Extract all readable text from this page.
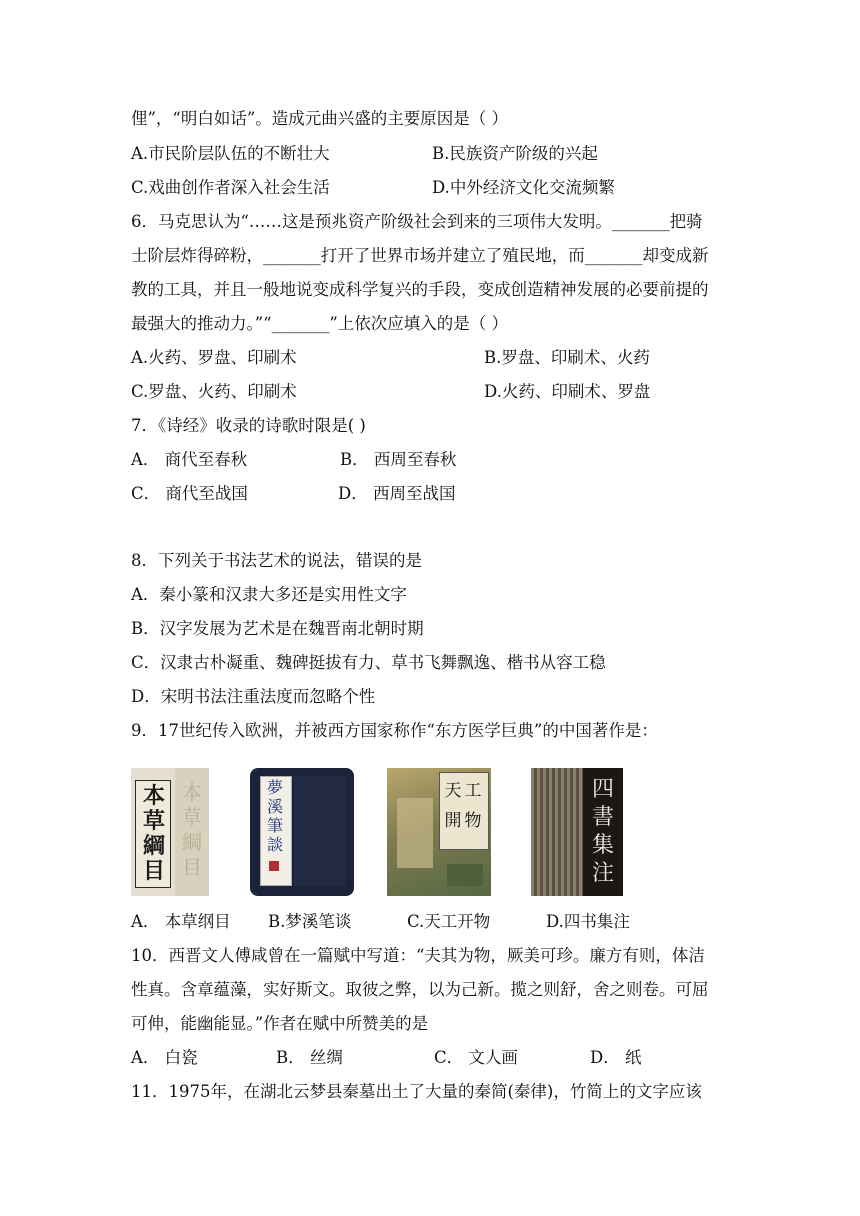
俚”，“明白如话”。造成元曲兴盛的主要原因是（ ）
A.市民阶层队伍的不断壮大	B.民族资产阶级的兴起
C.戏曲创作者深入社会生活	D.中外经济文化交流频繁
6．马克思认为“……这是预兆资产阶级社会到来的三项伟大发明。_______把骑
士阶层炸得碎粉，_______打开了世界市场并建立了殖民地，而_______却变成新
教的工具，并且一般地说变成科学复兴的手段，变成创造精神发展的必要前提的
最强大的推动力。”“_______”上依次应填入的是（ ）
A.火药、罗盘、印刷术	B.罗盘、印刷术、火药
C.罗盘、火药、印刷术	D.火药、印刷术、罗盘
7．《诗经》收录的诗歌时限是( )
A． 商代至春秋	B． 西周至春秋
C． 商代至战国	D． 西周至战国
8．下列关于书法艺术的说法，错误的是
A．秦小篆和汉隶大多还是实用性文字
B．汉字发展为艺术是在魏晋南北朝时期
C．汉隶古朴凝重、魏碑挺拔有力、草书飞舞飘逸、楷书从容工稳
D．宋明书法注重法度而忽略个性
9．17世纪传入欧洲，并被西方国家称作“东方医学巨典”的中国著作是：
本
草
綱
目
本
草
綱
目
夢
溪
筆
談
天 工
開 物
四
書
集
注
A． 本草纲目 B.梦溪笔谈	C.天工开物	D.四书集注
10．西晋文人傅咸曾在一篇赋中写道：“夫其为物，厥美可珍。廉方有则，体洁
性真。含章蕴藻，实好斯文。取彼之弊，以为己新。揽之则舒，舍之则卷。可屈
可伸，能幽能显。”作者在赋中所赞美的是
A． 白瓷	B． 丝绸	C． 文人画	D． 纸
11．1975年，在湖北云梦县秦墓出土了大量的秦简(秦律)，竹简上的文字应该
